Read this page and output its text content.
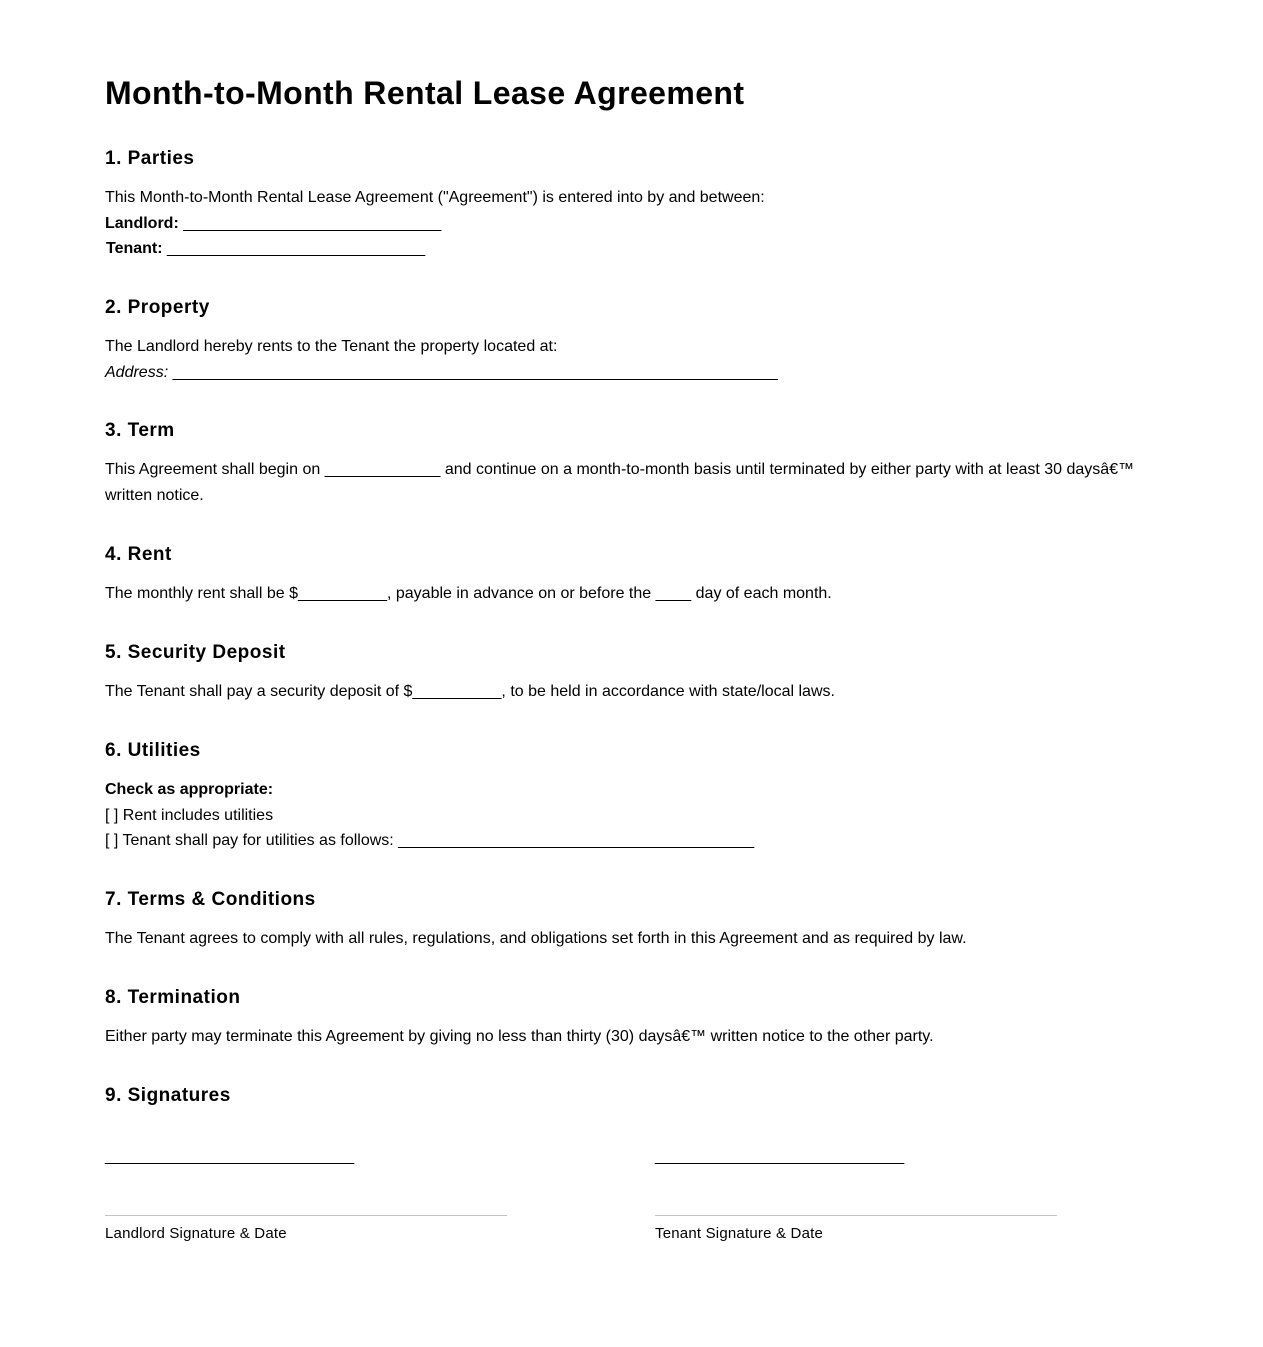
Month-to-Month Rental Lease Agreement
1. Parties
This Month-to-Month Rental Lease Agreement ("Agreement") is entered into by and between:
Landlord: _____________________________
Tenant: _____________________________
2. Property
The Landlord hereby rents to the Tenant the property located at:
Address: ____________________________________________________________________
3. Term
This Agreement shall begin on _____________ and continue on a month-to-month basis until terminated by either party with at least 30 daysâ€™ written notice.
4. Rent
The monthly rent shall be $__________, payable in advance on or before the ____ day of each month.
5. Security Deposit
The Tenant shall pay a security deposit of $__________, to be held in accordance with state/local laws.
6. Utilities
Check as appropriate:
[ ] Rent includes utilities
[ ] Tenant shall pay for utilities as follows: ________________________________________
7. Terms & Conditions
The Tenant agrees to comply with all rules, regulations, and obligations set forth in this Agreement and as required by law.
8. Termination
Either party may terminate this Agreement by giving no less than thirty (30) daysâ€™ written notice to the other party.
9. Signatures
____________________________
Landlord Signature & Date
____________________________
Tenant Signature & Date
